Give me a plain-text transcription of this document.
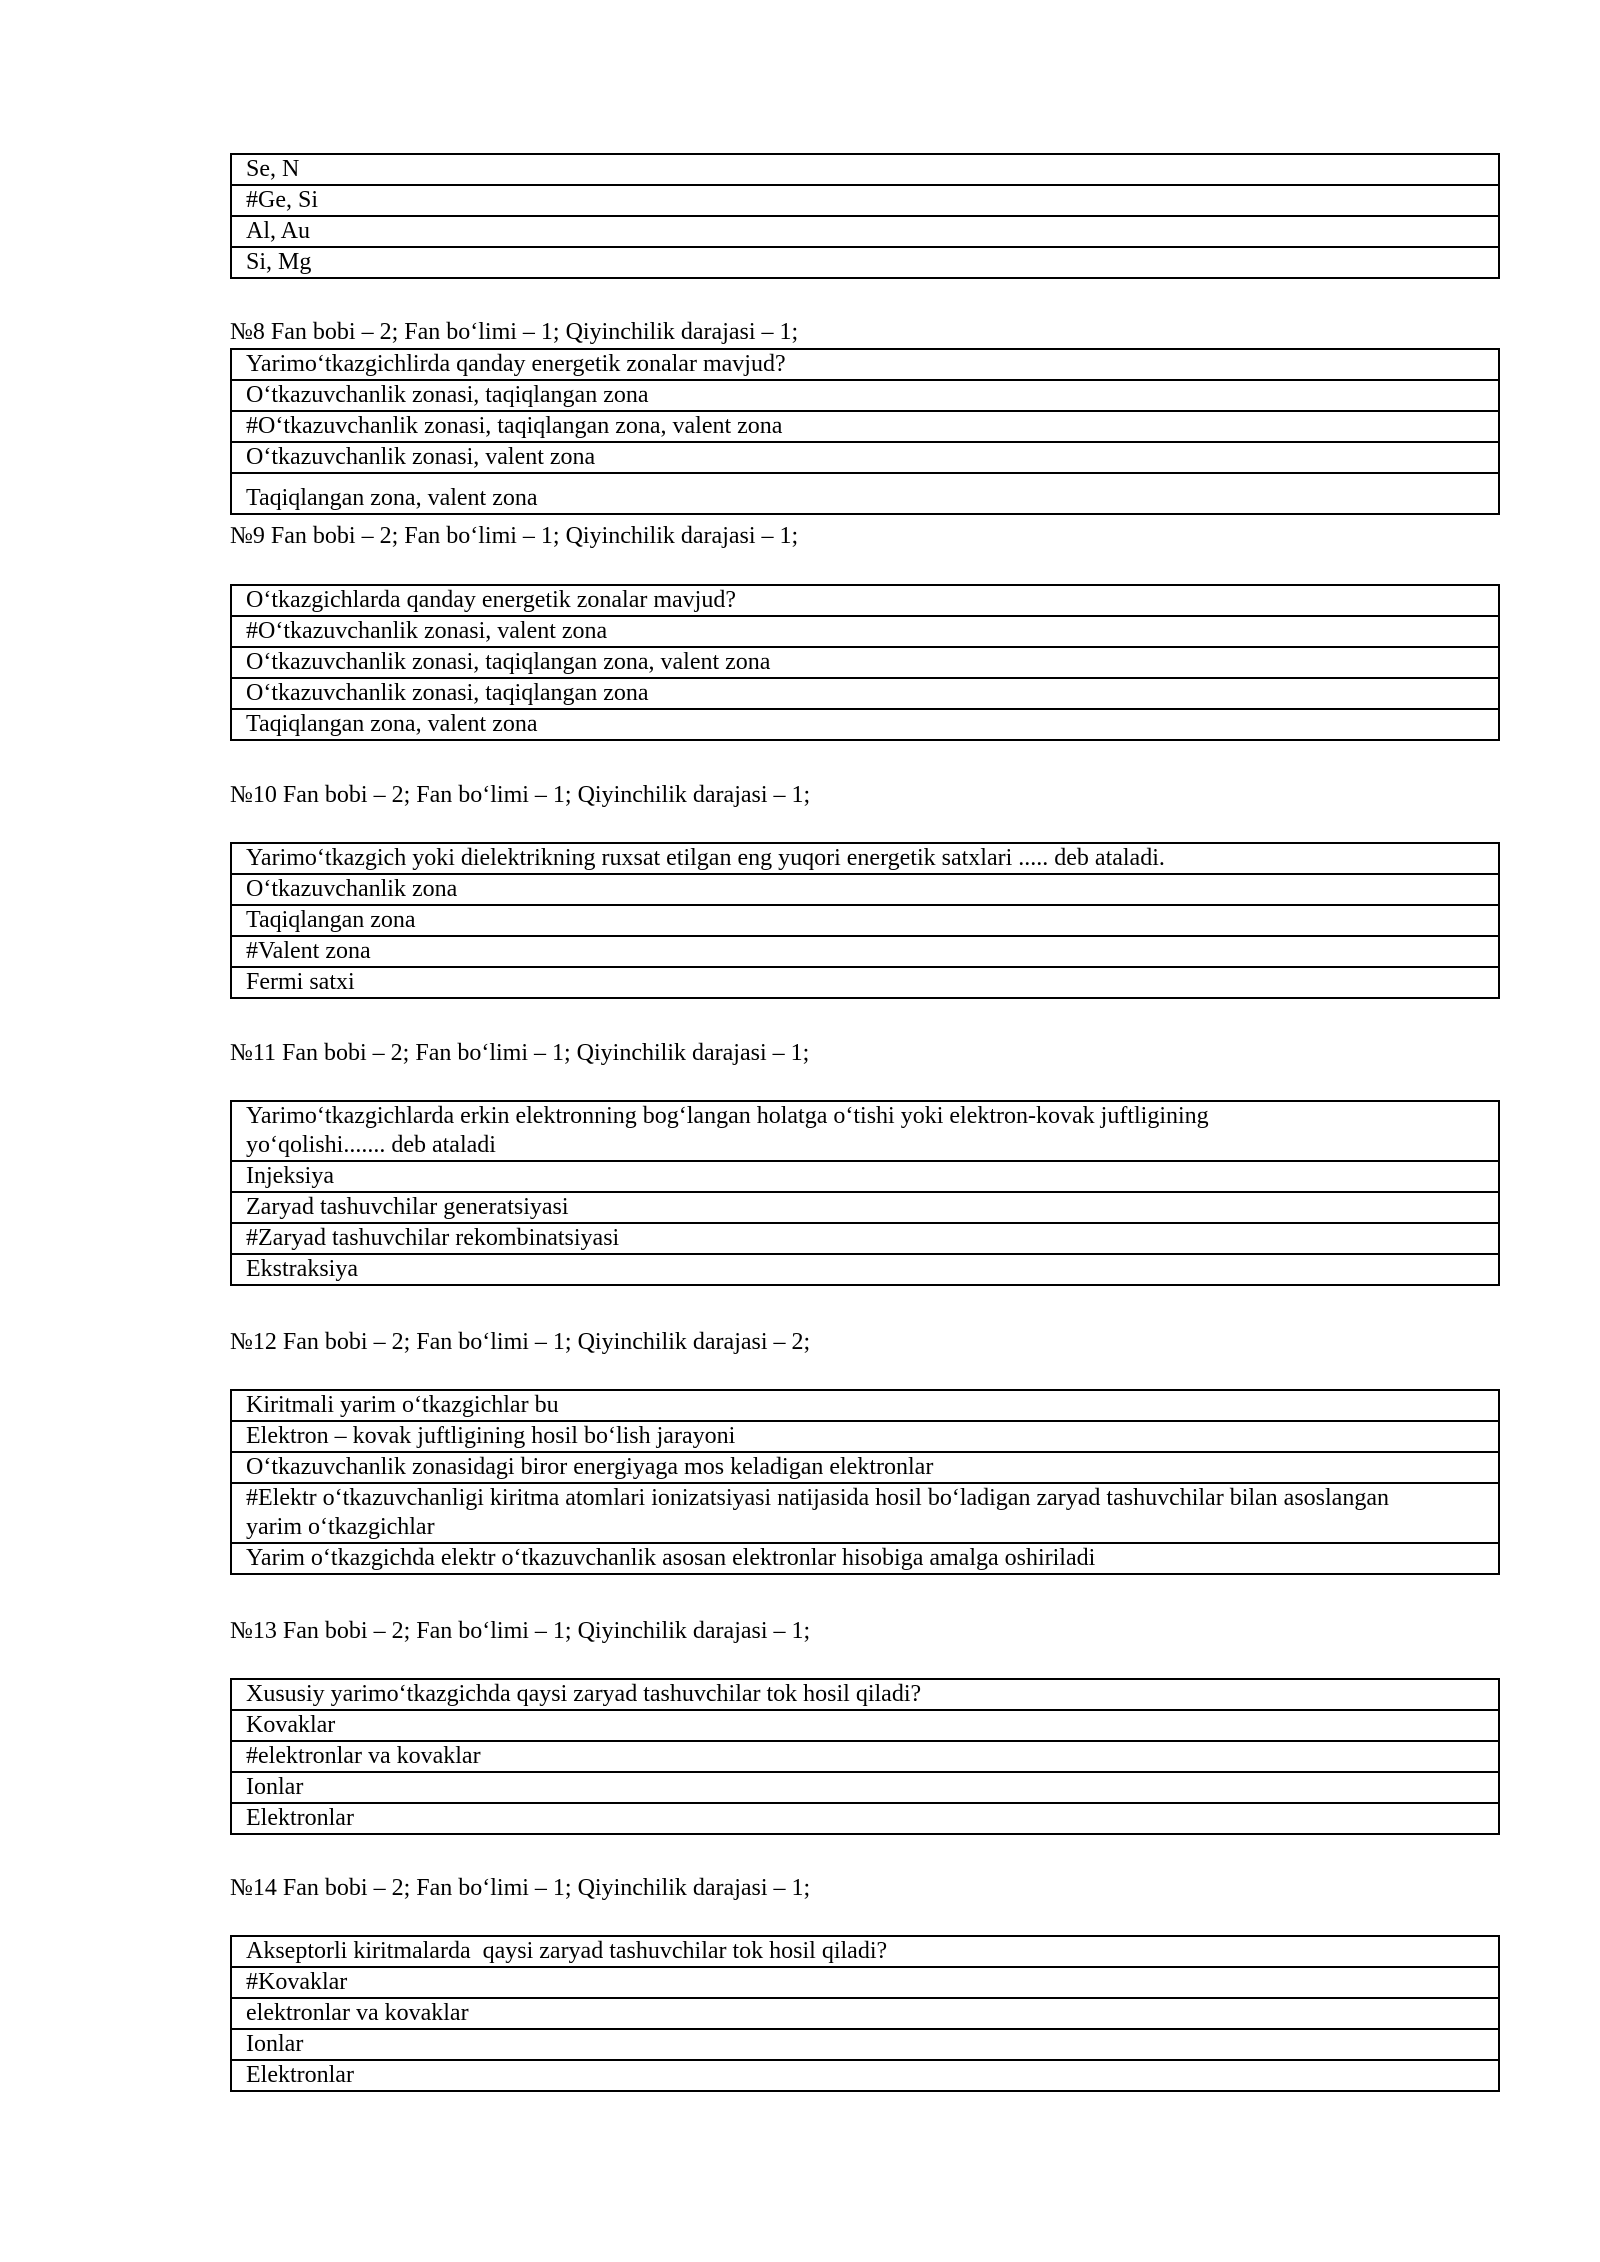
Se, N
#Ge, Si
Al, Au
Si, Mg
№8 Fan bobi – 2; Fan bo‘limi – 1; Qiyinchilik darajasi – 1;
Yarimo‘tkazgichlirda qanday energetik zonalar mavjud?
O‘tkazuvchanlik zonasi, taqiqlangan zona
#O‘tkazuvchanlik zonasi, taqiqlangan zona, valent zona
O‘tkazuvchanlik zonasi, valent zona
Taqiqlangan zona, valent zona
№9 Fan bobi – 2; Fan bo‘limi – 1; Qiyinchilik darajasi – 1;
O‘tkazgichlarda qanday energetik zonalar mavjud?
#O‘tkazuvchanlik zonasi, valent zona
O‘tkazuvchanlik zonasi, taqiqlangan zona, valent zona
O‘tkazuvchanlik zonasi, taqiqlangan zona
Taqiqlangan zona, valent zona
№10 Fan bobi – 2; Fan bo‘limi – 1; Qiyinchilik darajasi – 1;
Yarimo‘tkazgich yoki dielektrikning ruxsat etilgan eng yuqori energetik satxlari ..... deb ataladi.
O‘tkazuvchanlik zona
Taqiqlangan zona
#Valent zona
Fermi satxi
№11 Fan bobi – 2; Fan bo‘limi – 1; Qiyinchilik darajasi – 1;
Yarimo‘tkazgichlarda erkin elektronning bog‘langan holatga o‘tishi yoki elektron-kovak juftligining yo‘qolishi....... deb ataladi
Injeksiya
Zaryad tashuvchilar generatsiyasi
#Zaryad tashuvchilar rekombinatsiyasi
Ekstraksiya
№12 Fan bobi – 2; Fan bo‘limi – 1; Qiyinchilik darajasi – 2;
Kiritmali yarim o‘tkazgichlar bu
Elektron – kovak juftligining hosil bo‘lish jarayoni
O‘tkazuvchanlik zonasidagi biror energiyaga mos keladigan elektronlar
#Elektr o‘tkazuvchanligi kiritma atomlari ionizatsiyasi natijasida hosil bo‘ladigan zaryad tashuvchilar bilan asoslangan yarim o‘tkazgichlar
Yarim o‘tkazgichda elektr o‘tkazuvchanlik asosan elektronlar hisobiga amalga oshiriladi
№13 Fan bobi – 2; Fan bo‘limi – 1; Qiyinchilik darajasi – 1;
Xususiy yarimo‘tkazgichda qaysi zaryad tashuvchilar tok hosil qiladi?
Kovaklar
#elektronlar va kovaklar
Ionlar
Elektronlar
№14 Fan bobi – 2; Fan bo‘limi – 1; Qiyinchilik darajasi – 1;
Akseptorli kiritmalarda  qaysi zaryad tashuvchilar tok hosil qiladi?
#Kovaklar
elektronlar va kovaklar
Ionlar
Elektronlar
